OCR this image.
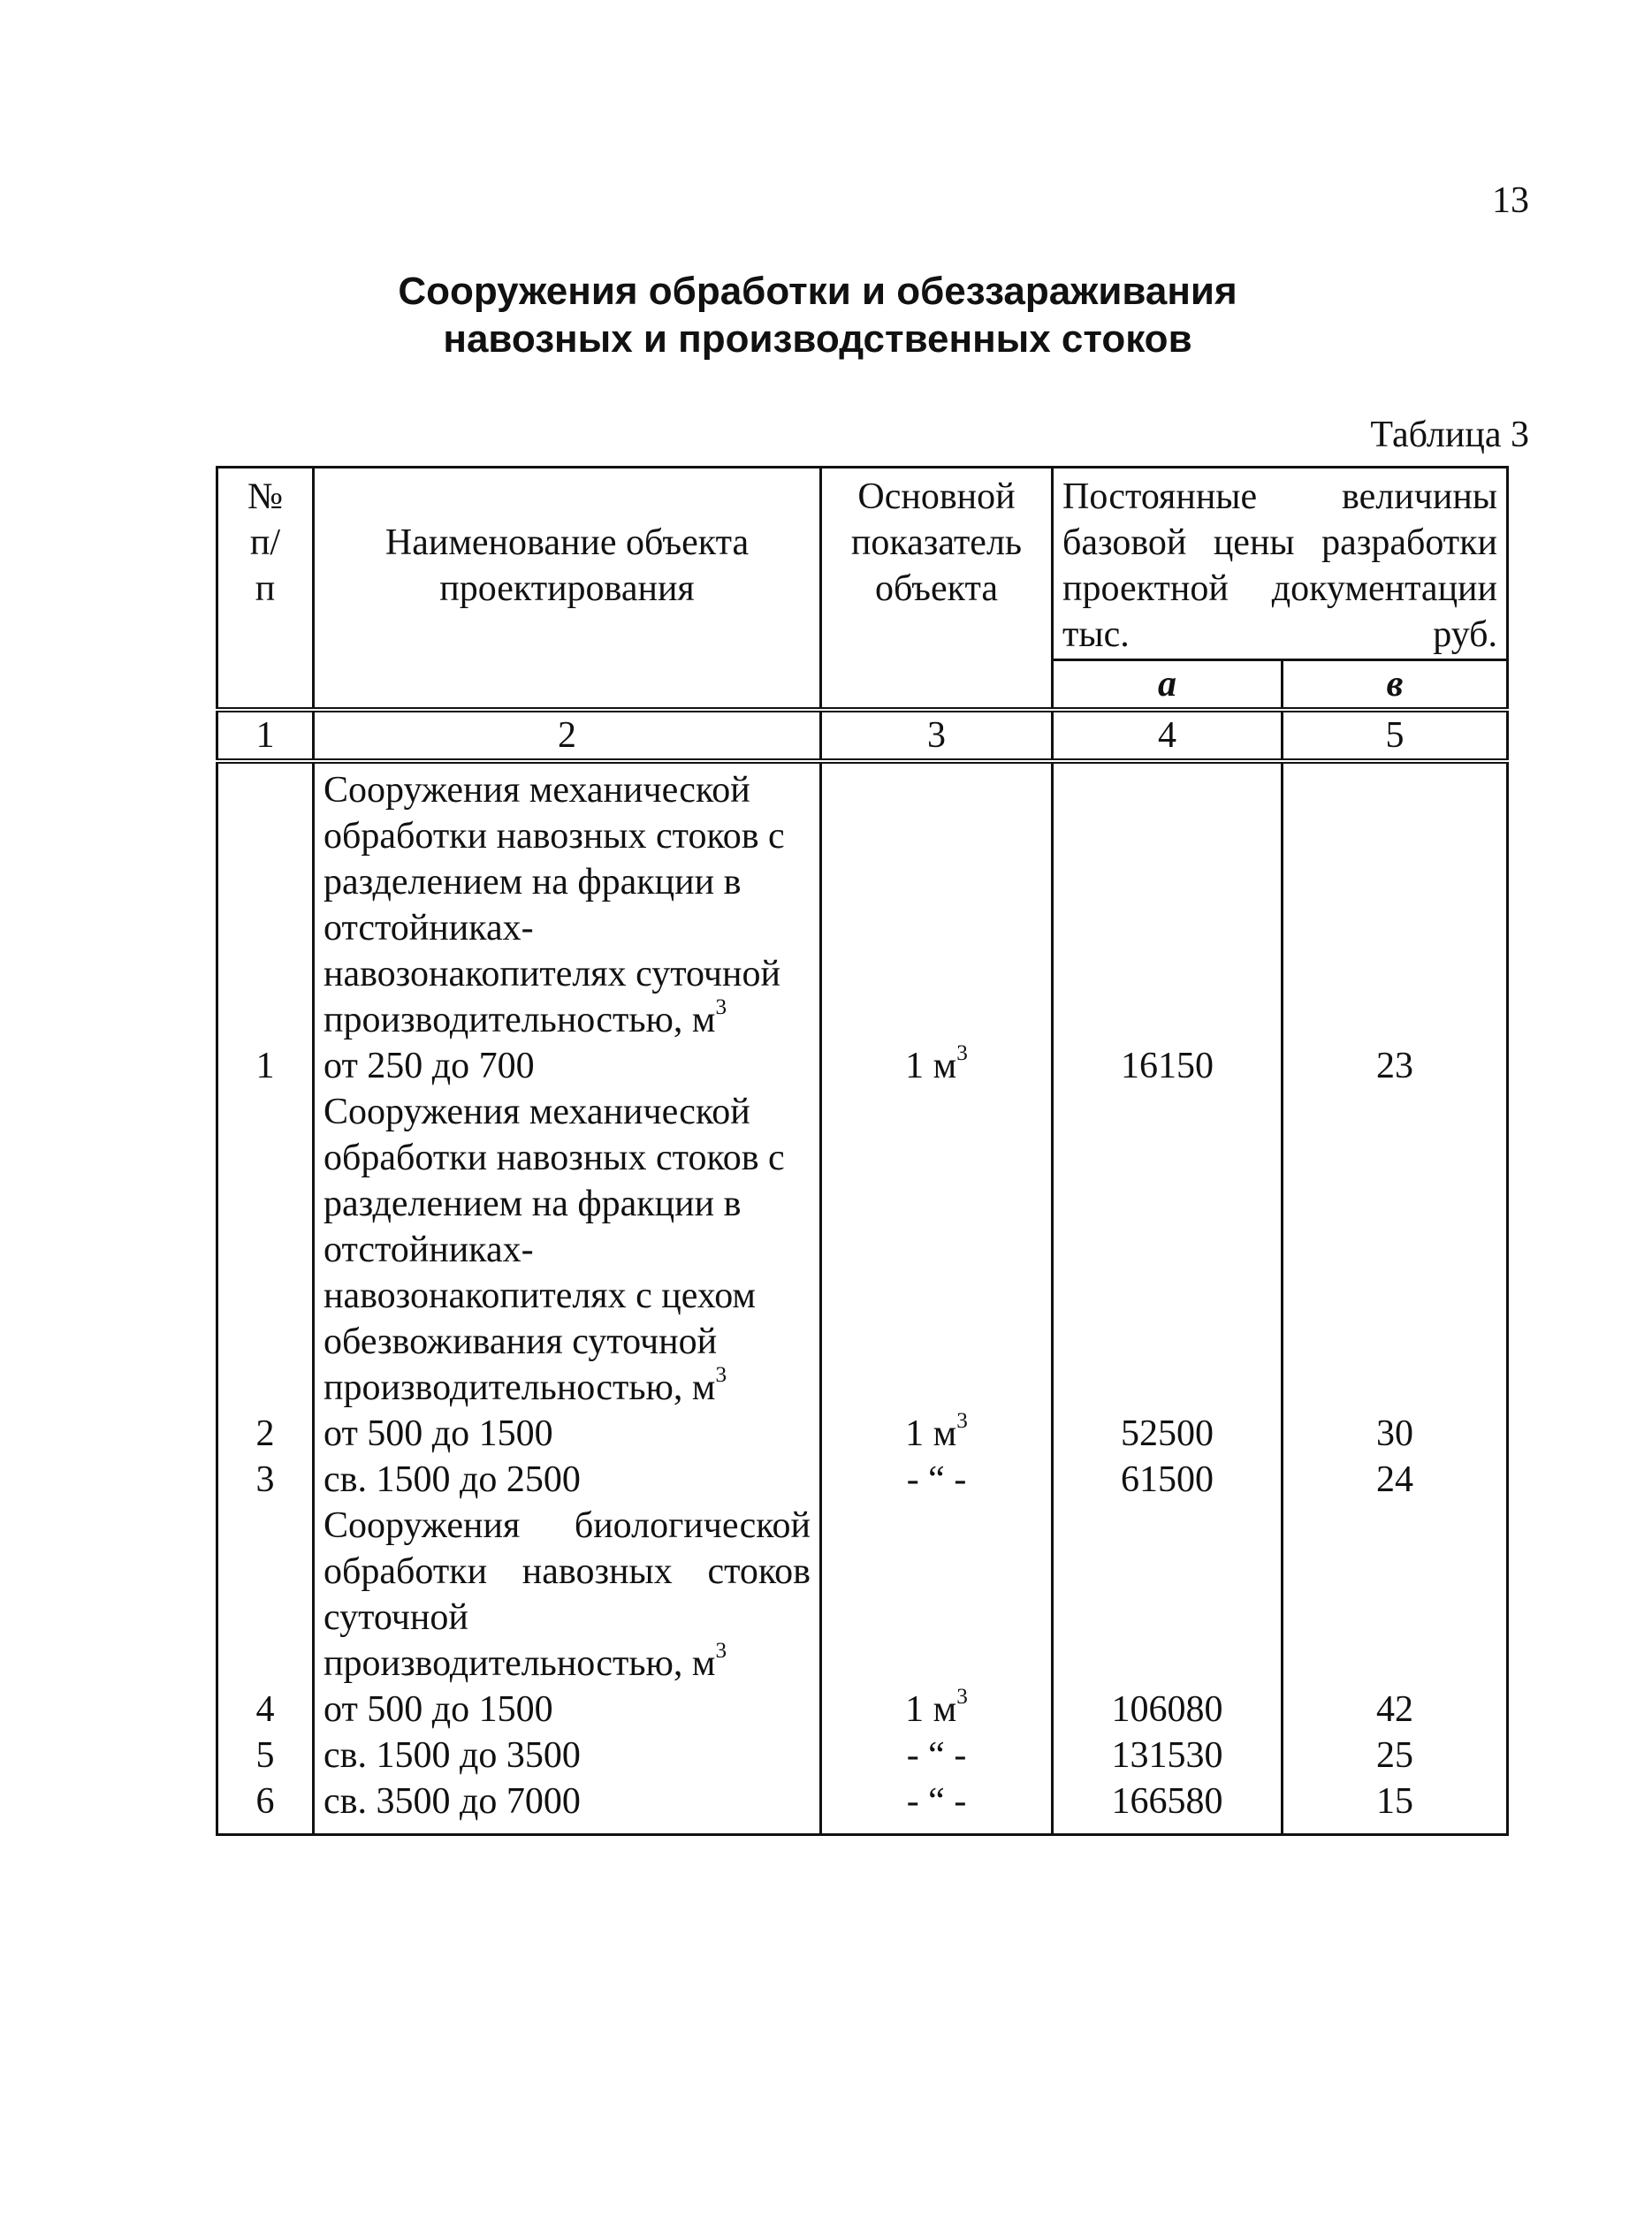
13
Сооружения обработки и обеззараживания
навозных и производственных стоков
Таблица 3
№ п/п	Наименование объекта проектирования	Основной показатель объекта	Постоянные величины базовой цены разработки проектной документации тыс. руб.	
			а	в
1	2	3	4	5

	Сооружения механической обработки навозных стоков с разделением на фракции в отстойниках-навозонакопителях суточной производительностью, $м^3$

1	от 250 до 700	1 $м^3$	16150	23

	Сооружения механической обработки навозных стоков с разделением на фракции в отстойниках-навозонакопителях с цехом обезвоживания суточной производительностью, $м^3$

2	от 500 до 1500	1 $м^3$	52500	30
3	св. 1500 до 2500	- “ -	61500	24

	Сооружения биологической обработки навозных стоков суточной производительностью, $м^3$

4	от 500 до 1500	1 $м^3$	106080	42
5	св. 1500 до 3500	- “ -	131530	25
6	св. 3500 до 7000	- “ -	166580	15
